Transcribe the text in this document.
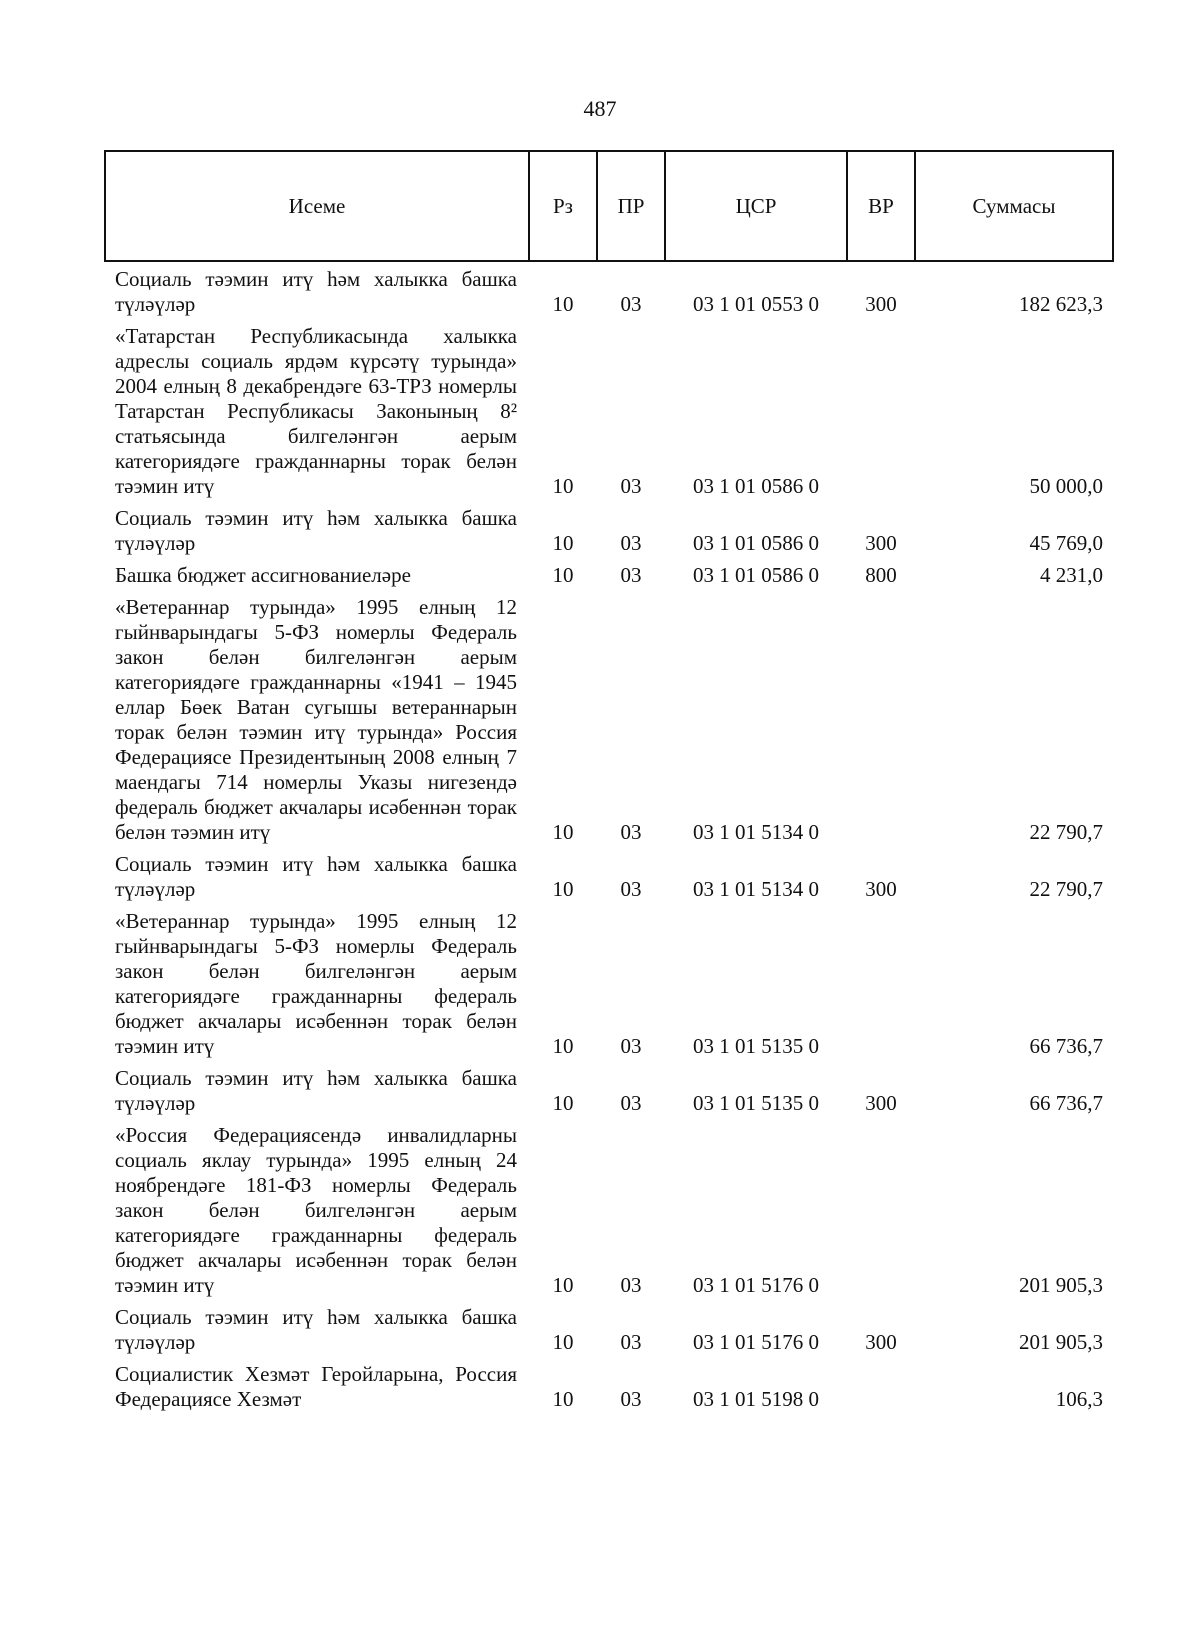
487
Исеме	Рз	ПР	ЦСР	ВР	Суммасы
Социаль тәэмин итү һәм халыкка башка түләүләр	10	03	03 1 01 0553 0	300	182 623,3
«Татарстан Республикасында халыкка адреслы социаль ярдәм күрсәтү турында» 2004 елның 8 декабрендәге 63-ТРЗ номерлы Татарстан Республикасы Законының 8² статьясында билгеләнгән аерым категориядәге гражданнарны торак белән тәэмин итү	10	03	03 1 01 0586 0		50 000,0
Социаль тәэмин итү һәм халыкка башка түләүләр	10	03	03 1 01 0586 0	300	45 769,0
Башка бюджет ассигнованиеләре	10	03	03 1 01 0586 0	800	4 231,0
«Ветераннар турында» 1995 елның 12 гыйнварындагы 5-ФЗ номерлы Федераль закон белән билгеләнгән аерым категориядәге гражданнарны «1941 – 1945 еллар Бөек Ватан сугышы ветераннарын торак белән тәэмин итү турында» Россия Федерациясе Президентының 2008 елның 7 маендагы 714 номерлы Указы нигезендә федераль бюджет акчалары исәбеннән торак белән тәэмин итү	10	03	03 1 01 5134 0		22 790,7
Социаль тәэмин итү һәм халыкка башка түләүләр	10	03	03 1 01 5134 0	300	22 790,7
«Ветераннар турында» 1995 елның 12 гыйнварындагы 5-ФЗ номерлы Федераль закон белән билгеләнгән аерым категориядәге гражданнарны федераль бюджет акчалары исәбеннән торак белән тәэмин итү	10	03	03 1 01 5135 0		66 736,7
Социаль тәэмин итү һәм халыкка башка түләүләр	10	03	03 1 01 5135 0	300	66 736,7
«Россия Федерациясендә инвалидларны социаль яклау турында» 1995 елның 24 ноябрендәге 181-ФЗ номерлы Федераль закон белән билгеләнгән аерым категориядәге гражданнарны федераль бюджет акчалары исәбеннән торак белән тәэмин итү	10	03	03 1 01 5176 0		201 905,3
Социаль тәэмин итү һәм халыкка башка түләүләр	10	03	03 1 01 5176 0	300	201 905,3
Социалистик Хезмәт Геройларына, Россия Федерациясе Хезмәт	10	03	03 1 01 5198 0		106,3
